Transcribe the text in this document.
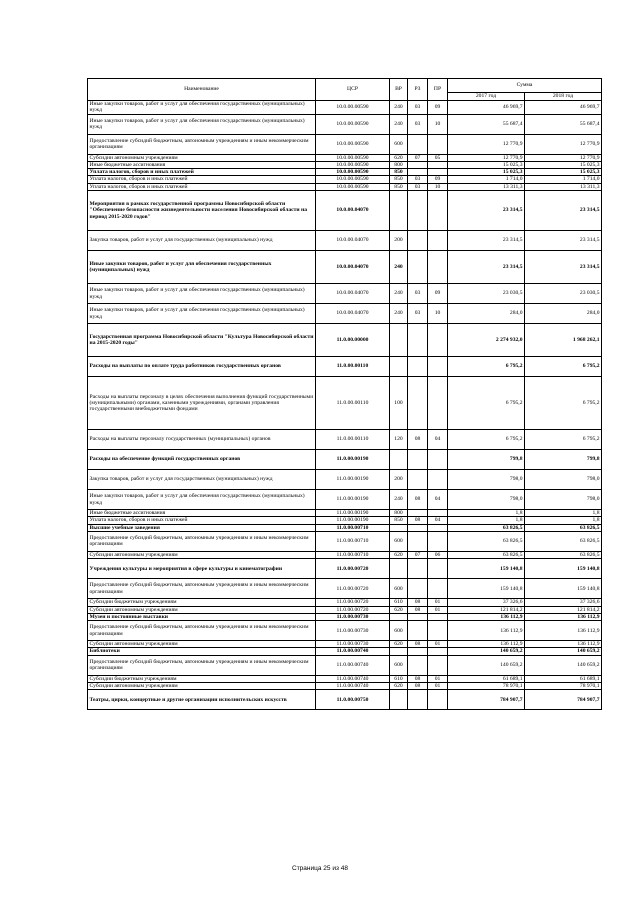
Наименование	ЦСР	ВР	РЗ	ПР	Сумма	
					2017 год	2018 год
Иные закупки товаров, работ и услуг для обеспечения государственных (муниципальных) нужд	10.0.00.00590	240	03	09	46 969,7	46 969,7
Иные закупки товаров, работ и услуг для обеспечения государственных (муниципальных) нужд	10.0.00.00590	240	03	10	55 687,4	55 687,4
Предоставление субсидий бюджетным, автономным учреждениям и иным некоммерческим организациям	10.0.00.00590	600			12 770,9	12 770,9
Субсидии автономным учреждениям	10.0.00.00590	620	07	05	12 770,9	12 770,9
Иные бюджетные ассигнования	10.0.00.00590	800			15 025,3	15 025,3
Уплата налогов, сборов и иных платежей	10.0.00.00590	850			15 025,3	15 025,3
Уплата налогов, сборов и иных платежей	10.0.00.00590	850	03	09	1 714,0	1 714,0
Уплата налогов, сборов и иных платежей	10.0.00.00590	850	03	10	13 311,3	13 311,3
Мероприятия в рамках государственной программы Новосибирской области "Обеспечение безопасности жизнедеятельности населения Новосибирской области на период 2015-2020 годов"	10.0.00.04070				23 314,5	23 314,5
Закупка товаров, работ и услуг для государственных (муниципальных) нужд	10.0.00.04070	200			23 314,5	23 314,5
Иные закупки товаров, работ и услуг для обеспечения государственных (муниципальных) нужд	10.0.00.04070	240			23 314,5	23 314,5
Иные закупки товаров, работ и услуг для обеспечения государственных (муниципальных) нужд	10.0.00.04070	240	03	09	23 030,5	23 030,5
Иные закупки товаров, работ и услуг для обеспечения государственных (муниципальных) нужд	10.0.00.04070	240	03	10	284,0	284,0
Государственная программа Новосибирской области "Культура Новосибирской области на 2015-2020 годы"	11.0.00.00000				2 274 932,0	1 968 262,1
Расходы на выплаты по оплате труда работников государственных органов	11.0.00.00110				6 795,2	6 795,2
Расходы на выплаты персоналу в целях обеспечения выполнения функций государственными (муниципальными) органами, казенными учреждениями, органами управления государственными внебюджетными фондами	11.0.00.00110	100			6 795,2	6 795,2
Расходы на выплаты персоналу государственных (муниципальных) органов	11.0.00.00110	120	08	04	6 795,2	6 795,2
Расходы на обеспечение функций государственных органов	11.0.00.00190				799,8	799,8
Закупка товаров, работ и услуг для государственных (муниципальных) нужд	11.0.00.00190	200			798,0	798,0
Иные закупки товаров, работ и услуг для обеспечения государственных (муниципальных) нужд	11.0.00.00190	240	08	04	798,0	798,0
Иные бюджетные ассигнования	11.0.00.00190	800			1,8	1,8
Уплата налогов, сборов и иных платежей	11.0.00.00190	850	08	04	1,8	1,8
Высшие учебные заведения	11.0.00.00710				63 826,5	63 826,5
Предоставление субсидий бюджетным, автономным учреждениям и иным некоммерческим организациям	11.0.00.00710	600			63 826,5	63 826,5
Субсидии автономным учреждениям	11.0.00.00710	620	07	06	63 826,5	63 826,5
Учреждения культуры и мероприятия в сфере культуры и кинематографии	11.0.00.00720				159 140,8	159 140,8
Предоставление субсидий бюджетным, автономным учреждениям и иным некоммерческим организациям	11.0.00.00720	600			159 140,8	159 140,8
Субсидии бюджетным учреждениям	11.0.00.00720	610	08	01	37 326,6	37 326,6
Субсидии автономным учреждениям	11.0.00.00720	620	08	01	121 814,2	121 814,2
Музеи и постоянные выставки	11.0.00.00730				136 112,9	136 112,9
Предоставление субсидий бюджетным, автономным учреждениям и иным некоммерческим организациям	11.0.00.00730	600			136 112,9	136 112,9
Субсидии автономным учреждениям	11.0.00.00730	620	08	01	136 112,9	136 112,9
Библиотеки	11.0.00.00740				140 659,2	140 659,2
Предоставление субсидий бюджетным, автономным учреждениям и иным некоммерческим организациям	11.0.00.00740	600			140 659,2	140 659,2
Субсидии бюджетным учреждениям	11.0.00.00740	610	08	01	61 689,1	61 689,1
Субсидии автономным учреждениям	11.0.00.00740	620	08	01	78 970,1	78 970,1
Театры, цирки, концертные и другие организации исполнительских искусств	11.0.00.00750				784 907,7	784 907,7
Страница 25 из 48
